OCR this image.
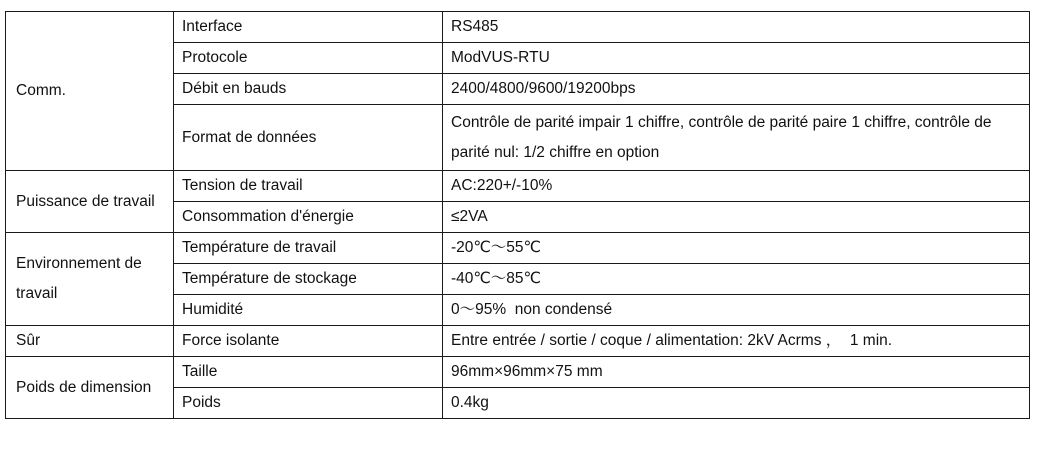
Comm.	Interface	RS485
	Protocole	ModVUS-RTU
	Débit en bauds	2400/4800/9600/19200bps
	Format de données	Contrôle de parité impair 1 chiffre, contrôle de parité paire 1 chiffre, contrôle de parité nul: 1/2 chiffre en option
Puissance de travail	Tension de travail	AC:220+/-10%
	Consommation d'énergie	≤2VA
Environnement de travail	Température de travail	-20℃～55℃
	Température de stockage	-40℃～85℃
	Humidité	0～95%  non condensé
Sûr	Force isolante	Entre entrée / sortie / coque / alimentation: 2kV Acrms ，  1 min.
Poids de dimension	Taille	96mm×96mm×75 mm
	Poids	0.4kg
